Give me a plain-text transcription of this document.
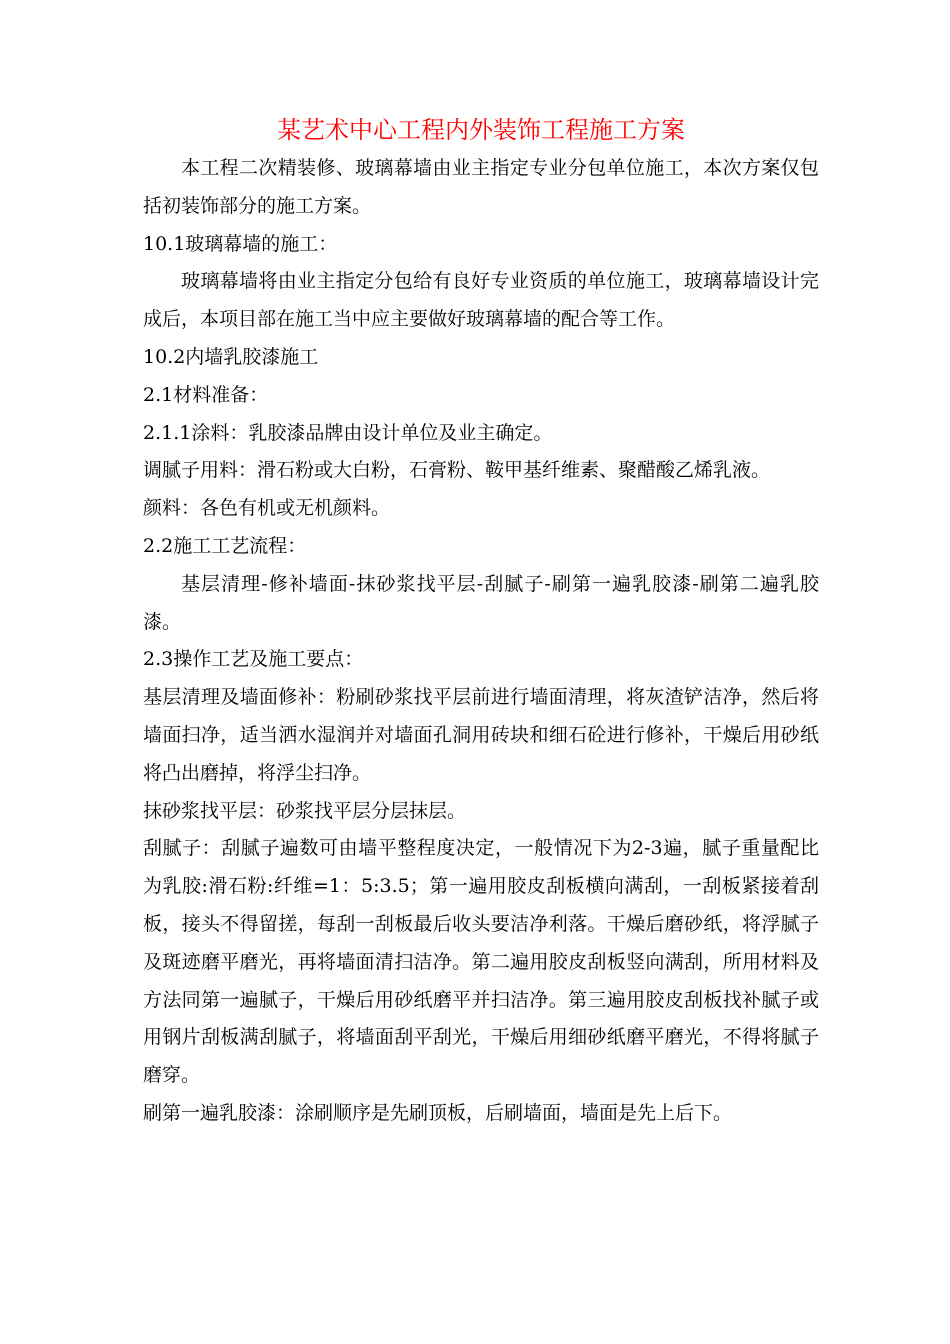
某艺术中心工程内外装饰工程施工方案

本工程二次精装修、玻璃幕墙由业主指定专业分包单位施工，本次方案仅包括初装饰部分的施工方案。

10.1玻璃幕墙的施工：

玻璃幕墙将由业主指定分包给有良好专业资质的单位施工，玻璃幕墙设计完成后，本项目部在施工当中应主要做好玻璃幕墙的配合等工作。

10.2内墙乳胶漆施工

2.1材料准备：

2.1.1涂料：乳胶漆品牌由设计单位及业主确定。

调腻子用料：滑石粉或大白粉，石膏粉、鞍甲基纤维素、聚醋酸乙烯乳液。

颜料：各色有机或无机颜料。

2.2施工工艺流程：

基层清理-修补墙面-抹砂浆找平层-刮腻子-刷第一遍乳胶漆-刷第二遍乳胶漆。

2.3操作工艺及施工要点：

基层清理及墙面修补：粉刷砂浆找平层前进行墙面清理，将灰渣铲洁净，然后将墙面扫净，适当洒水湿润并对墙面孔洞用砖块和细石砼进行修补，干燥后用砂纸将凸出磨掉，将浮尘扫净。

抹砂浆找平层：砂浆找平层分层抹层。

刮腻子：刮腻子遍数可由墙平整程度决定，一般情况下为2-3遍，腻子重量配比为乳胶:滑石粉:纤维=1：5:3.5；第一遍用胶皮刮板横向满刮，一刮板紧接着刮板，接头不得留搓，每刮一刮板最后收头要洁净利落。干燥后磨砂纸，将浮腻子及斑迹磨平磨光，再将墙面清扫洁净。第二遍用胶皮刮板竖向满刮，所用材料及方法同第一遍腻子，干燥后用砂纸磨平并扫洁净。第三遍用胶皮刮板找补腻子或用钢片刮板满刮腻子，将墙面刮平刮光，干燥后用细砂纸磨平磨光，不得将腻子磨穿。

刷第一遍乳胶漆：涂刷顺序是先刷顶板，后刷墙面，墙面是先上后下。
